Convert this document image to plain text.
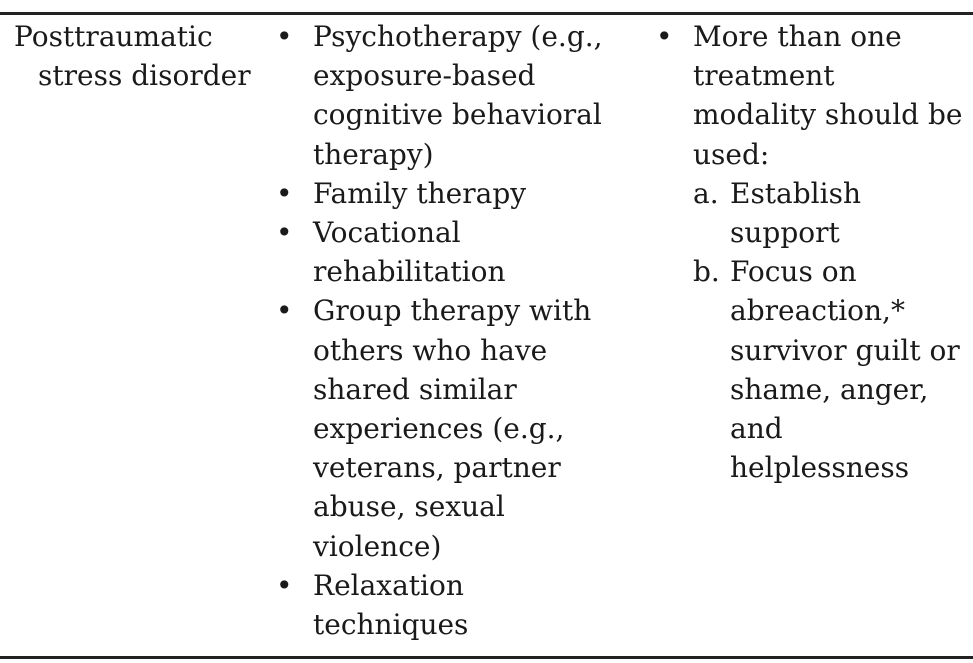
Posttraumatic stress disorder
• Psychotherapy (e.g., exposure-based cognitive behavioral therapy)
• Family therapy
• Vocational rehabilitation
• Group therapy with others who have shared similar experiences (e.g., veterans, partner abuse, sexual violence)
• Relaxation techniques
• More than one treatment modality should be used:
a. Establish support
b. Focus on abreaction,* survivor guilt or shame, anger, and helplessness
